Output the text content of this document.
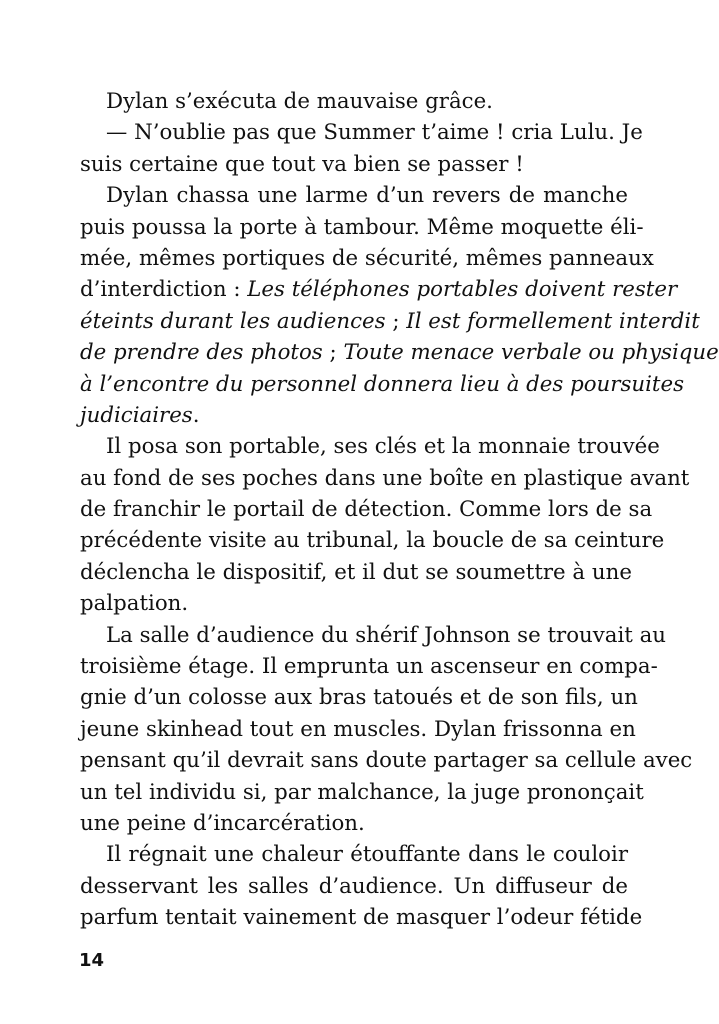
Dylan s’exécuta de mauvaise grâce.
— N’oublie pas que Summer t’aime ! cria Lulu. Je
suis certaine que tout va bien se passer !
Dylan chassa une larme d’un revers de manche
puis poussa la porte à tambour. Même moquette éli-
mée, mêmes portiques de sécurité, mêmes panneaux
d’interdiction : Les téléphones portables doivent rester
éteints durant les audiences ; Il est formellement interdit
de prendre des photos ; Toute menace verbale ou physique
à l’encontre du personnel donnera lieu à des poursuites
judiciaires.
Il posa son portable, ses clés et la monnaie trouvée
au fond de ses poches dans une boîte en plastique avant
de franchir le portail de détection. Comme lors de sa
précédente visite au tribunal, la boucle de sa ceinture
déclencha le dispositif, et il dut se soumettre à une
palpation.
La salle d’audience du shérif Johnson se trouvait au
troisième étage. Il emprunta un ascenseur en compa-
gnie d’un colosse aux bras tatoués et de son fils, un
jeune skinhead tout en muscles. Dylan frissonna en
pensant qu’il devrait sans doute partager sa cellule avec
un tel individu si, par malchance, la juge prononçait
une peine d’incarcération.
Il régnait une chaleur étouffante dans le couloir
desservant les salles d’audience. Un diffuseur de
parfum tentait vainement de masquer l’odeur fétide
14
